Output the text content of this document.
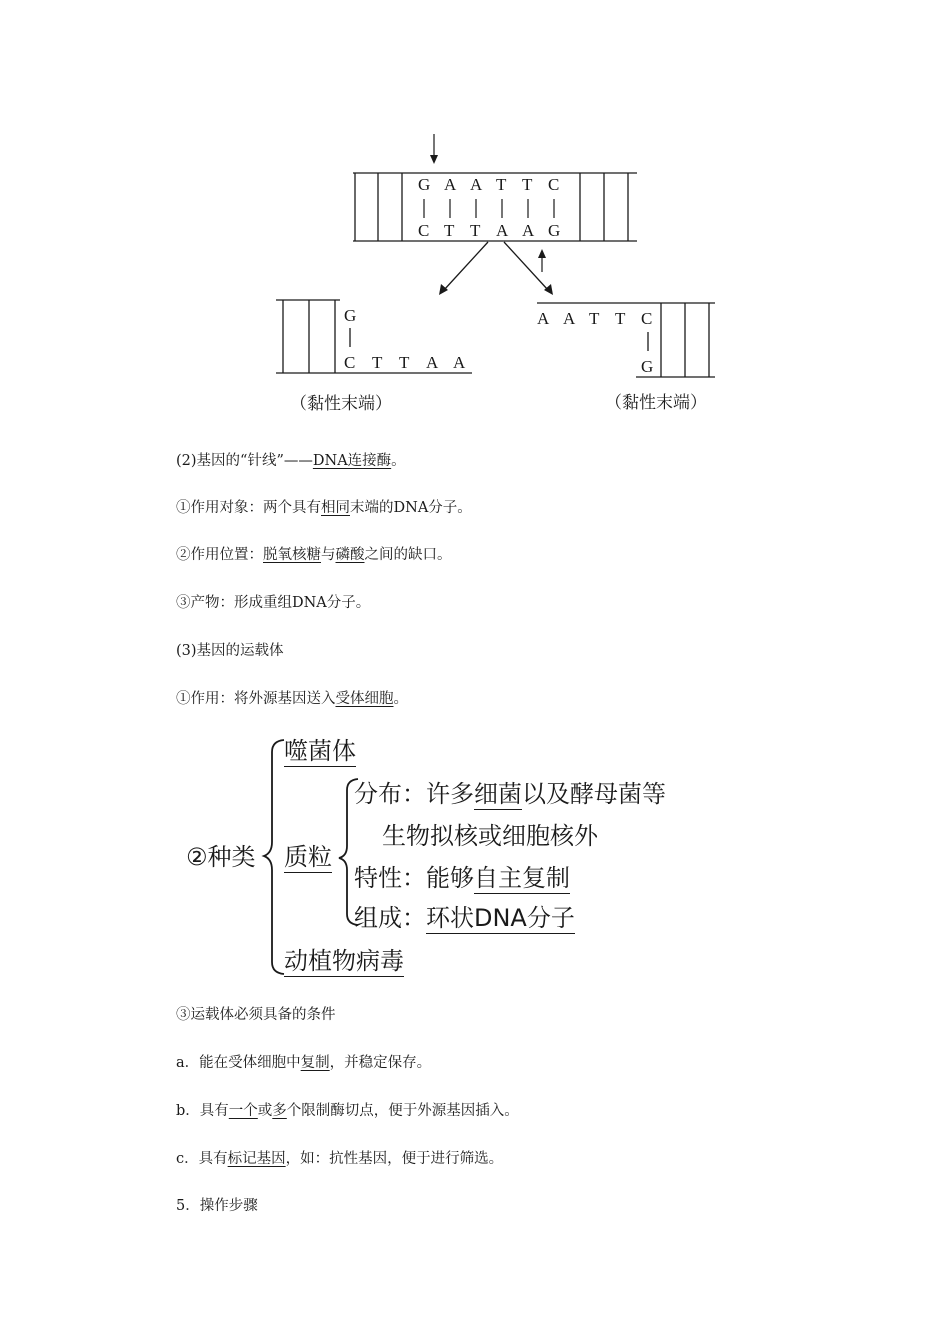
G A A T T C
C T T A A G
G
C T T A A
（黏性末端）
A A T T C
G
（黏性末端）
(2)基因的“针线”——DNA连接酶。
①作用对象：两个具有相同末端的DNA分子。
②作用位置：脱氧核糖与磷酸之间的缺口。
③产物：形成重组DNA分子。
(3)基因的运载体
①作用：将外源基因送入受体细胞。
②种类
噬菌体
质粒
分布：许多细菌以及酵母菌等
生物拟核或细胞核外
特性：能够自主复制
组成：环状DNA分子
动植物病毒
③运载体必须具备的条件
a．能在受体细胞中复制，并稳定保存。
b．具有一个或多个限制酶切点，便于外源基因插入。
c．具有标记基因，如：抗性基因，便于进行筛选。
5．操作步骤
